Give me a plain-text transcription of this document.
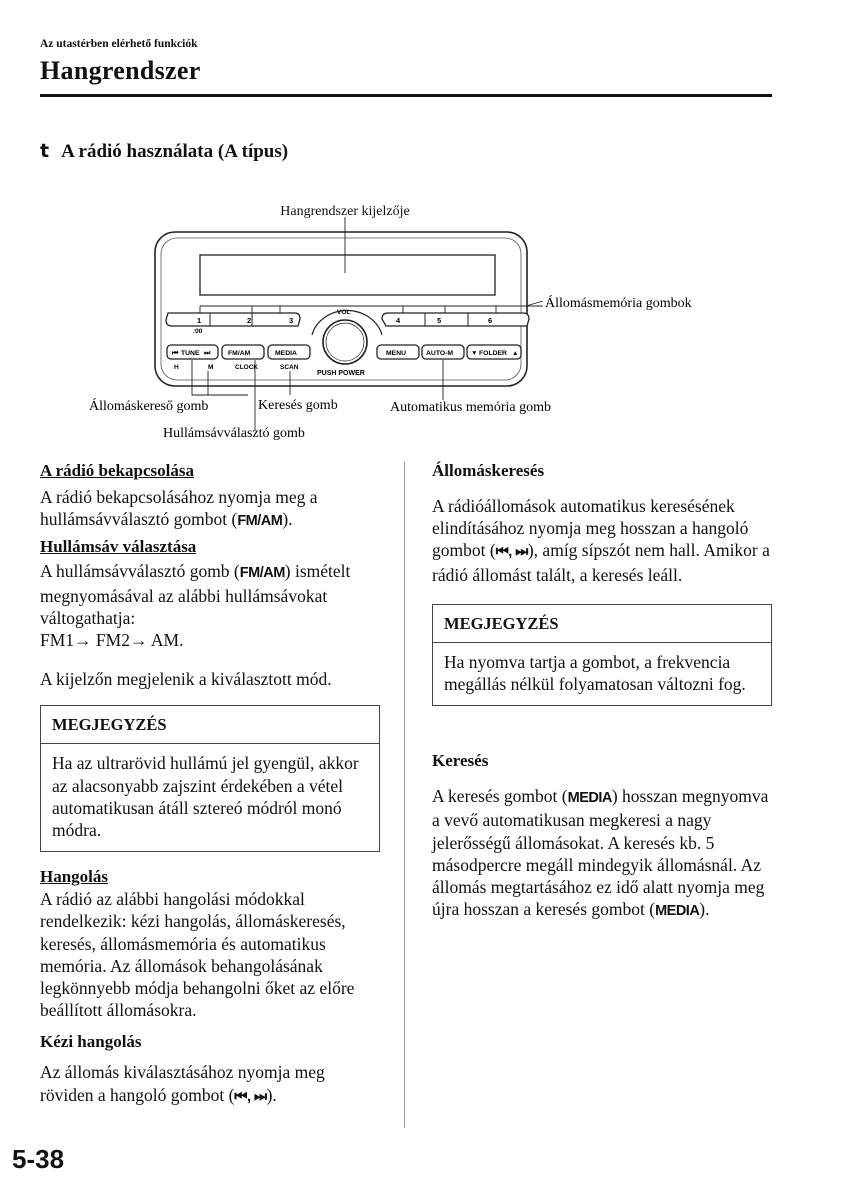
Az utastérben elérhető funkciók
Hangrendszer
t A rádió használata (A típus)
Hangrendszer kijelzője
1	2	3
:00
4	5	6
Állomásmemória gombok
VOL
PUSH POWER
⏮ TUNE ⏭	FM/AM	MEDIA
H	M	CLOCK	SCAN
MENU	AUTO-M	▼ FOLDER ▲
Állomáskereső gomb	Keresés gomb	Automatikus memória gomb
Hullámsávválasztó gomb

A rádió bekapcsolása

A rádió bekapcsolásához nyomja meg a hullámsávválasztó gombot (FM/AM).

Hullámsáv választása

A hullámsávválasztó gomb (FM/AM) ismételt megnyomásával az alábbi hullámsávokat váltogathatja:
FM1→ FM2→ AM.

A kijelzőn megjelenik a kiválasztott mód.

MEGJEGYZÉS
Ha az ultrarövid hullámú jel gyengül, akkor az alacsonyabb zajszint érdekében a vétel automatikusan átáll sztereó módról monó módra.

Hangolás

A rádió az alábbi hangolási módokkal rendelkezik: kézi hangolás, állomáskeresés, keresés, állomásmemória és automatikus memória. Az állomások behangolásának legkönnyebb módja behangolni őket az előre beállított állomásokra.

Kézi hangolás

Az állomás kiválasztásához nyomja meg röviden a hangoló gombot (⏮, ⏭).

Állomáskeresés

A rádióállomások automatikus keresésének elindításához nyomja meg hosszan a hangoló gombot (⏮, ⏭), amíg sípszót nem hall. Amikor a rádió állomást talált, a keresés leáll.

MEGJEGYZÉS
Ha nyomva tartja a gombot, a frekvencia megállás nélkül folyamatosan változni fog.

Keresés

A keresés gombot (MEDIA) hosszan megnyomva a vevő automatikusan megkeresi a nagy jelerősségű állomásokat. A keresés kb. 5 másodpercre megáll mindegyik állomásnál. Az állomás megtartásához ez idő alatt nyomja meg újra hosszan a keresés gombot (MEDIA).

5-38
